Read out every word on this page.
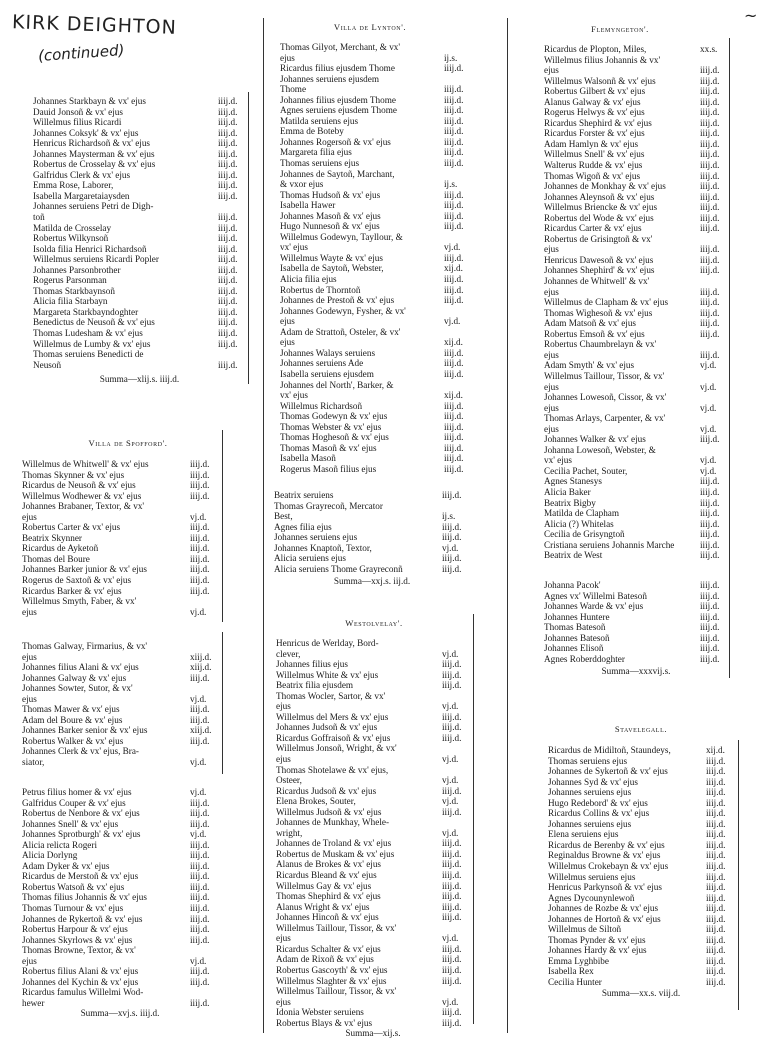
KIRK DEIGHTON
(continued)
~
Johannes Starkbayn & vx' ejus	iiij.d.
Dauid Jonsoñ & vx' ejus	iiij.d.
Willelmus filius Ricardi	iiij.d.
Johannes Coksyk' & vx' ejus	iiij.d.
Henricus Richardsoñ & vx' ejus	iiij.d.
Johannes Maysterman & vx' ejus	iiij.d.
Robertus de Crosselay & vx' ejus	iiij.d.
Galfridus Clerk & vx' ejus	iiij.d.
Emma Rose, Laborer,	iiij.d.
Isabella Margaretaiaysden	iiij.d.
Johannes seruiens Petri de Digh-
toñ	iiij.d.
Matilda de Crosselay	iiij.d.
Robertus Wilkynsoñ	iiij.d.
Isolda filia Henrici Richardsoñ	iiij.d.
Willelmus seruiens Ricardi Popler	iiij.d.
Johannes Parsonbrother	iiij.d.
Rogerus Parsonman	iiij.d.
Thomas Starkbaynsoñ	iiij.d.
Alicia filia Starbayn	iiij.d.
Margareta Starkbayndoghter	iiij.d.
Benedictus de Neusoñ & vx' ejus	iiij.d.
Thomas Ludesham & vx' ejus	iiij.d.
Willelmus de Lumby & vx' ejus	iiij.d.
Thomas seruiens Benedicti de
Neusoñ	iiij.d.
Summa—xlij.s. iiij.d.
Villa de Spofford'.
Willelmus de Whitwell' & vx' ejus	iiij.d.
Thomas Skynner & vx' ejus	iiij.d.
Ricardus de Neusoñ & vx' ejus	iiij.d.
Willelmus Wodhewer & vx' ejus	iiij.d.
Johannes Brabaner, Textor, & vx'
ejus	vj.d.
Robertus Carter & vx' ejus	iiij.d.
Beatrix Skynner	iiij.d.
Ricardus de Ayketoñ	iiij.d.
Thomas del Boure	iiij.d.
Johannes Barker junior & vx' ejus	iiij.d.
Rogerus de Saxtoñ & vx' ejus	iiij.d.
Ricardus Barker & vx' ejus	iiij.d.
Willelmus Smyth, Faber, & vx'
ejus	vj.d.
Thomas Galway, Firmarius, & vx'
ejus	xiij.d.
Johannes filius Alani & vx' ejus	xiij.d.
Johannes Galway & vx' ejus	iiij.d.
Johannes Sowter, Sutor, & vx'
ejus	vj.d.
Thomas Mawer & vx' ejus	iiij.d.
Adam del Boure & vx' ejus	iiij.d.
Johannes Barker senior & vx' ejus	xiij.d.
Robertus Walker & vx' ejus	iiij.d.
Johannes Clerk & vx' ejus, Bra-
siator,	vj.d.
Petrus filius homer & vx' ejus	vj.d.
Galfridus Couper & vx' ejus	iiij.d.
Robertus de Nenbore & vx' ejus	iiij.d.
Johannes Snell' & vx' ejus	iiij.d.
Johannes Sprotburgh' & vx' ejus	vj.d.
Alicia relicta Rogeri	iiij.d.
Alicia Dorlyng	iiij.d.
Adam Dyker & vx' ejus	iiij.d.
Ricardus de Merstoñ & vx' ejus	iiij.d.
Robertus Watsoñ & vx' ejus	iiij.d.
Thomas filius Johannis & vx' ejus	iiij.d.
Thomas Turnour & vx' ejus	iiij.d.
Johannes de Rykertoñ & vx' ejus	iiij.d.
Robertus Harpour & vx' ejus	iiij.d.
Johannes Skyrlows & vx' ejus	iiij.d.
Thomas Browne, Textor, & vx'
ejus	vj.d.
Robertus filius Alani & vx' ejus	iiij.d.
Johannes del Kychin & vx' ejus	iiij.d.
Ricardus famulus Willelmi Wod-
hewer	iiij.d.
Summa—xvj.s. iiij.d.
Villa de Lynton'.
Thomas Gilyot, Merchant, & vx'
ejus	ij.s.
Ricardus filius ejusdem Thome	iiij.d.
Johannes seruiens ejusdem
Thome	iiij.d.
Johannes filius ejusdem Thome	iiij.d.
Agnes seruiens ejusdem Thome	iiij.d.
Matilda seruiens ejus	iiij.d.
Emma de Boteby	iiij.d.
Johannes Rogersoñ & vx' ejus	iiij.d.
Margareta filia ejus	iiij.d.
Thomas seruiens ejus	iiij.d.
Johannes de Saytoñ, Marchant,
& vxor ejus	ij.s.
Thomas Hudsoñ & vx' ejus	iiij.d.
Isabella Hawer	iiij.d.
Johannes Masoñ & vx' ejus	iiij.d.
Hugo Nunnesoñ & vx' ejus	iiij.d.
Willelmus Godewyn, Tayllour, &
vx' ejus	vj.d.
Willelmus Wayte & vx' ejus	iiij.d.
Isabella de Saytoñ, Webster,	xij.d.
Alicia filia ejus	iiij.d.
Robertus de Thorntoñ	iiij.d.
Johannes de Prestoñ & vx' ejus	iiij.d.
Johannes Godewyn, Fysher, & vx'
ejus	vj.d.
Adam de Strattoñ, Osteler, & vx'
ejus	xij.d.
Johannes Walays seruiens	iiij.d.
Johannes seruiens Ade	iiij.d.
Isabella seruiens ejusdem	iiij.d.
Johannes del North', Barker, &
vx' ejus	xij.d.
Willelmus Richardsoñ	iiij.d.
Thomas Godewyn & vx' ejus	iiij.d.
Thomas Webster & vx' ejus	iiij.d.
Thomas Hoghesoñ & vx' ejus	iiij.d.
Thomas Masoñ & vx' ejus	iiij.d.
Isabella Masoñ	iiij.d.
Rogerus Masoñ filius ejus	iiij.d.
Beatrix seruiens	iiij.d.
Thomas Grayrecoñ, Mercator
Best,	ij.s.
Agnes filia ejus	iiij.d.
Johannes seruiens ejus	iiij.d.
Johannes Knaptoñ, Textor,	vj.d.
Alicia seruiens ejus	iiij.d.
Alicia seruiens Thome Grayreconñ	iiij.d.
Summa—xxj.s. iij.d.
Westolvelay'.
Henricus de Werlday, Bord-
clever,	vj.d.
Johannes filius ejus	iiij.d.
Willelmus White & vx' ejus	iiij.d.
Beatrix filia ejusdem	iiij.d.
Thomas Wocler, Sartor, & vx'
ejus	vj.d.
Willelmus del Mers & vx' ejus	iiij.d.
Johannes Judsoñ & vx' ejus	iiij.d.
Ricardus Goffraisoñ & vx' ejus	iiij.d.
Willelmus Jonsoñ, Wright, & vx'
ejus	vj.d.
Thomas Shotelawe & vx' ejus,
Osteer,	vj.d.
Ricardus Judsoñ & vx' ejus	iiij.d.
Elena Brokes, Souter,	vj.d.
Willelmus Judsoñ & vx' ejus	iiij.d.
Johannes de Munkhay, Whele-
wright,	vj.d.
Johannes de Troland & vx' ejus	iiij.d.
Robertus de Muskam & vx' ejus	iiij.d.
Alanus de Brokes & vx' ejus	iiij.d.
Ricardus Bleand & vx' ejus	iiij.d.
Willelmus Gay & vx' ejus	iiij.d.
Thomas Shephird & vx' ejus	iiij.d.
Alanus Wright & vx' ejus	iiij.d.
Johannes Hincoñ & vx' ejus	iiij.d.
Willelmus Taillour, Tissor, & vx'
ejus	vj.d.
Ricardus Schalter & vx' ejus	iiij.d.
Adam de Rixoñ & vx' ejus	iiij.d.
Robertus Gascoyth' & vx' ejus	iiij.d.
Willelmus Slaghter & vx' ejus	iiij.d.
Willelmus Taillour, Tissor, & vx'
ejus	vj.d.
Idonia Webster seruiens	iiij.d.
Robertus Blays & vx' ejus	iiij.d.
Summa—xij.s.
Flemyngeton'.
Ricardus de Plopton, Miles,	xx.s.
Willelmus filius Johannis & vx'
ejus	iiij.d.
Willelmus Walsonñ & vx' ejus	iiij.d.
Robertus Gilbert & vx' ejus	iiij.d.
Alanus Galway & vx' ejus	iiij.d.
Rogerus Helwys & vx' ejus	iiij.d.
Ricardus Shephird & vx' ejus	iiij.d.
Ricardus Forster & vx' ejus	iiij.d.
Adam Hamlyn & vx' ejus	iiij.d.
Willelmus Snell' & vx' ejus	iiij.d.
Walterus Rudde & vx' ejus	iiij.d.
Thomas Wigoñ & vx' ejus	iiij.d.
Johannes de Monkhay & vx' ejus	iiij.d.
Johannes Aleynsoñ & vx' ejus	iiij.d.
Willelmus Briencke & vx' ejus	iiij.d.
Robertus del Wode & vx' ejus	iiij.d.
Ricardus Carter & vx' ejus	iiij.d.
Robertus de Grisingtoñ & vx'
ejus	iiij.d.
Henricus Dawesoñ & vx' ejus	iiij.d.
Johannes Shephird' & vx' ejus	iiij.d.
Johannes de Whitwell' & vx'
ejus	iiij.d.
Willelmus de Clapham & vx' ejus	iiij.d.
Thomas Wighesoñ & vx' ejus	iiij.d.
Adam Matsoñ & vx' ejus	iiij.d.
Robertus Emsoñ & vx' ejus	iiij.d.
Robertus Chaumbrelayn & vx'
ejus	iiij.d.
Adam Smyth' & vx' ejus	vj.d.
Willelmus Taillour, Tissor, & vx'
ejus	vj.d.
Johannes Lowesoñ, Cissor, & vx'
ejus	vj.d.
Thomas Arlays, Carpenter, & vx'
ejus	vj.d.
Johannes Walker & vx' ejus	iiij.d.
Johanna Lowesoñ, Webster, &
vx' ejus	vj.d.
Cecilia Pachet, Souter,	vj.d.
Agnes Stanesys	iiij.d.
Alicia Baker	iiij.d.
Beatrix Bigby	iiij.d.
Matilda de Clapham	iiij.d.
Alicia (?) Whitelas	iiij.d.
Cecilia de Grisyngtoñ	iiij.d.
Cristiana seruiens Johannis Marche	iiij.d.
Beatrix de West	iiij.d.
Johanna Pacok'	iiij.d.
Agnes vx' Willelmi Batesoñ	iiij.d.
Johannes Warde & vx' ejus	iiij.d.
Johannes Huntere	iiij.d.
Thomas Batesoñ	iiij.d.
Johannes Batesoñ	iiij.d.
Johannes Elisoñ	iiij.d.
Agnes Roberddoghter	iiij.d.
Summa—xxxvij.s.
Stavelegall.
Ricardus de Midiltoñ, Staundeys,	xij.d.
Thomas seruiens ejus	iiij.d.
Johannes de Sykertoñ & vx' ejus	iiij.d.
Johannes Syd & vx' ejus	iiij.d.
Johannes seruiens ejus	iiij.d.
Hugo Redebord' & vx' ejus	iiij.d.
Ricardus Collins & vx' ejus	iiij.d.
Johannes seruiens ejus	iiij.d.
Elena seruiens ejus	iiij.d.
Ricardus de Berenby & vx' ejus	iiij.d.
Reginaldus Browne & vx' ejus	iiij.d.
Willelmus Crokebayn & vx' ejus	iiij.d.
Willelmus seruiens ejus	iiij.d.
Henricus Parkynsoñ & vx' ejus	iiij.d.
Agnes Dycounynlewoñ	iiij.d.
Johannes de Rozbe & vx' ejus	iiij.d.
Johannes de Hortoñ & vx' ejus	iiij.d.
Willelmus de Siltoñ	iiij.d.
Thomas Pynder & vx' ejus	iiij.d.
Johannes Hardy & vx' ejus	iiij.d.
Emma Lyghbibe	iiij.d.
Isabella Rex	iiij.d.
Cecilia Hunter	iiij.d.
Summa—xx.s. viij.d.
